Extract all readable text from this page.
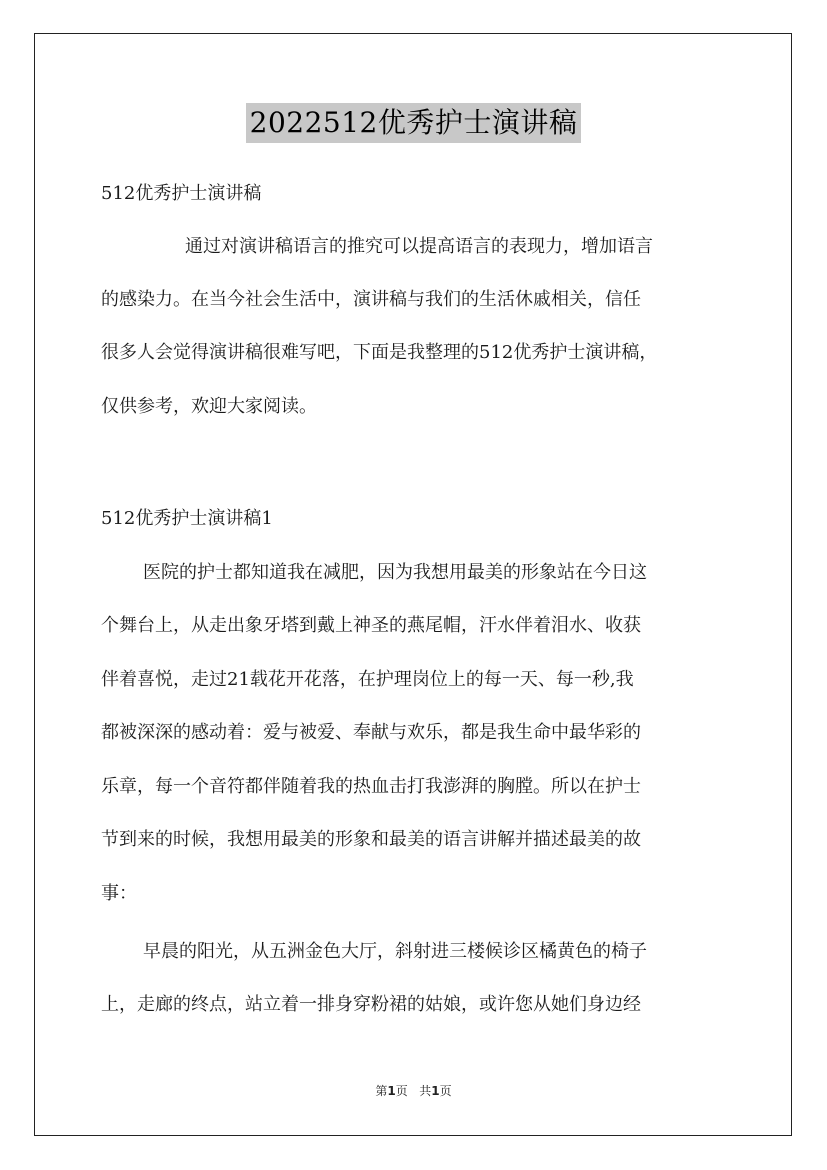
2022512优秀护士演讲稿
512优秀护士演讲稿
通过对演讲稿语言的推究可以提高语言的表现力，增加语言
的感染力。在当今社会生活中，演讲稿与我们的生活休戚相关，信任
很多人会觉得演讲稿很难写吧，下面是我整理的512优秀护士演讲稿，
仅供参考，欢迎大家阅读。
512优秀护士演讲稿1
医院的护士都知道我在减肥，因为我想用最美的形象站在今日这
个舞台上，从走出象牙塔到戴上神圣的燕尾帽，汗水伴着泪水、收获
伴着喜悦，走过21载花开花落，在护理岗位上的每一天、每一秒,我
都被深深的感动着：爱与被爱、奉献与欢乐，都是我生命中最华彩的
乐章，每一个音符都伴随着我的热血击打我澎湃的胸膛。所以在护士
节到来的时候，我想用最美的形象和最美的语言讲解并描述最美的故
事：
早晨的阳光，从五洲金色大厅，斜射进三楼候诊区橘黄色的椅子
上，走廊的终点，站立着一排身穿粉裙的姑娘，或许您从她们身边经
第1页 共1页
